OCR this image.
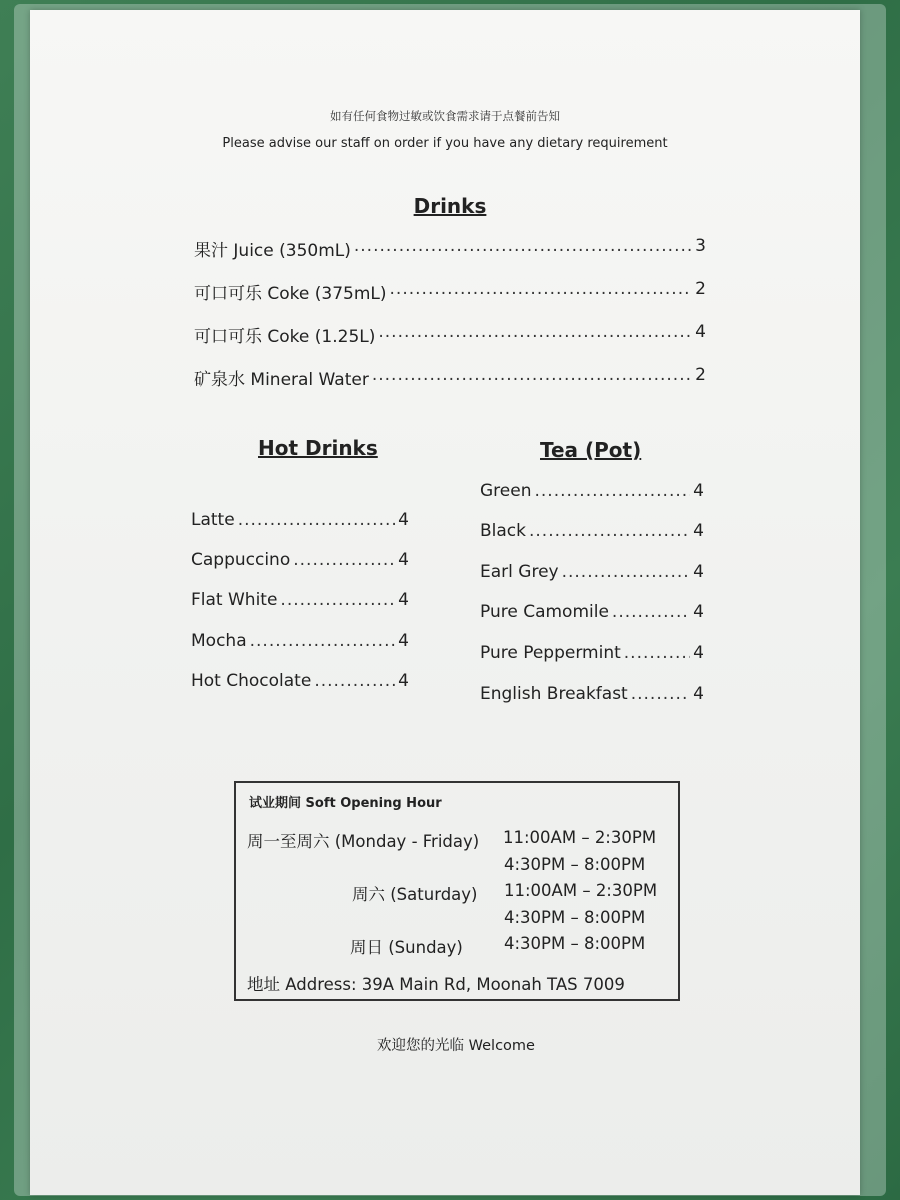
如有任何食物过敏或饮食需求请于点餐前告知
Please advise our staff on order if you have any dietary requirement
Drinks
果汁 Juice (350mL) .....	3
可口可乐 Coke (375mL) .....	2
可口可乐 Coke (1.25L) .....	4
矿泉水 Mineral Water .....	2
Hot Drinks	Tea (Pot)
Latte .....	4
Cappuccino .....	4
Flat White .....	4
Mocha .....	4
Hot Chocolate .....	4
Green .....	4
Black .....	4
Earl Grey .....	4
Pure Camomile .....	4
Pure Peppermint .....	4
English Breakfast .....	4
试业期间 Soft Opening Hour
周一至周六 (Monday - Friday) 11:00AM – 2:30PM
4:30PM – 8:00PM
周六 (Saturday) 11:00AM – 2:30PM
4:30PM – 8:00PM
周日 (Sunday) 4:30PM – 8:00PM
地址 Address: 39A Main Rd, Moonah TAS 7009
欢迎您的光临 Welcome
